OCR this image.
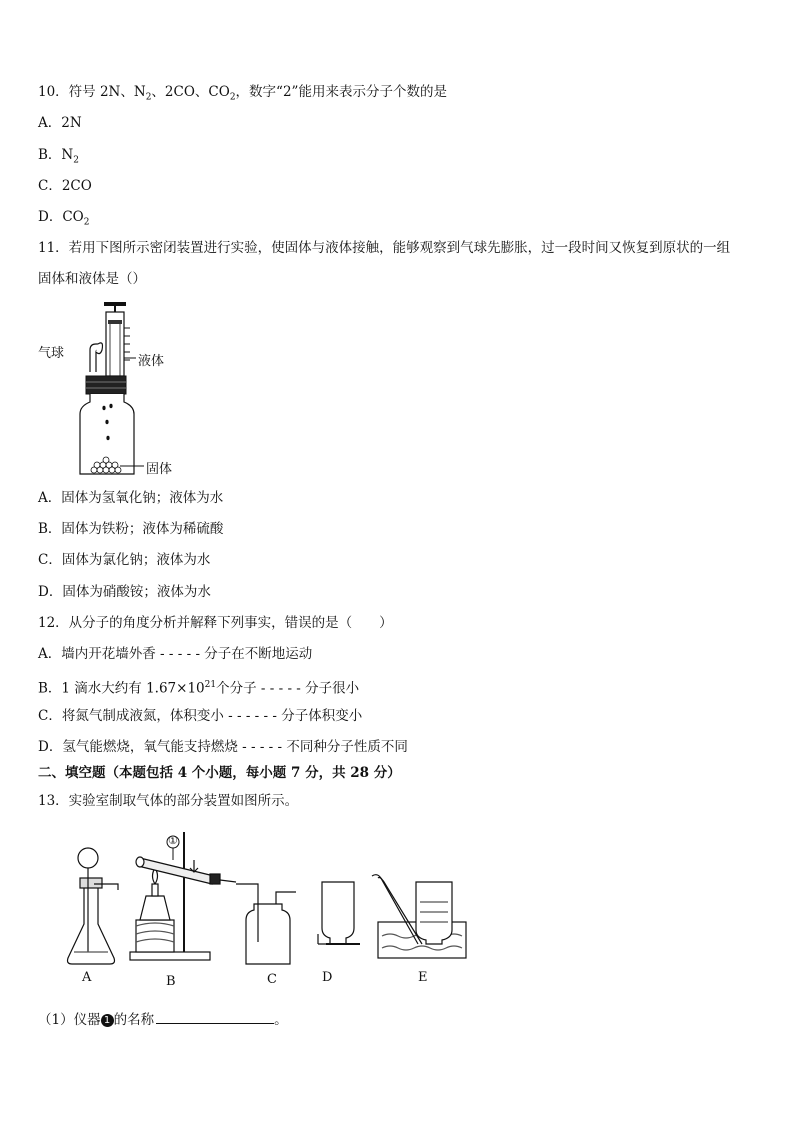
10．符号 2N、$N_2$、2CO、$CO_2$，数字“2”能用来表示分子个数的是
A．2N
B．$N_2$
C．2CO
D．$CO_2$
11．若用下图所示密闭装置进行实验，使固体与液体接触，能够观察到气球先膨胀，过一段时间又恢复到原状的一组
固体和液体是（）
气球
液体
固体
A．固体为氢氧化钠；液体为水
B．固体为铁粉；液体为稀硫酸
C．固体为氯化钠；液体为水
D．固体为硝酸铵；液体为水
12．从分子的角度分析并解释下列事实，错误的是（　　）
A．墙内开花墙外香 - - - - - 分子在不断地运动
B．1 滴水大约有 $1.67\times 10^{21}$个分子 - - - - - 分子很小
C．将氮气制成液氮，体积变小 - - - - - - 分子体积变小
D．氢气能燃烧，氧气能支持燃烧 - - - - - 不同种分子性质不同
二、填空题（本题包括 4 个小题，每小题 7 分，共 28 分）
13．实验室制取气体的部分装置如图所示。
A	B	C	D	E
①
（1）仪器 1 的名称	。
